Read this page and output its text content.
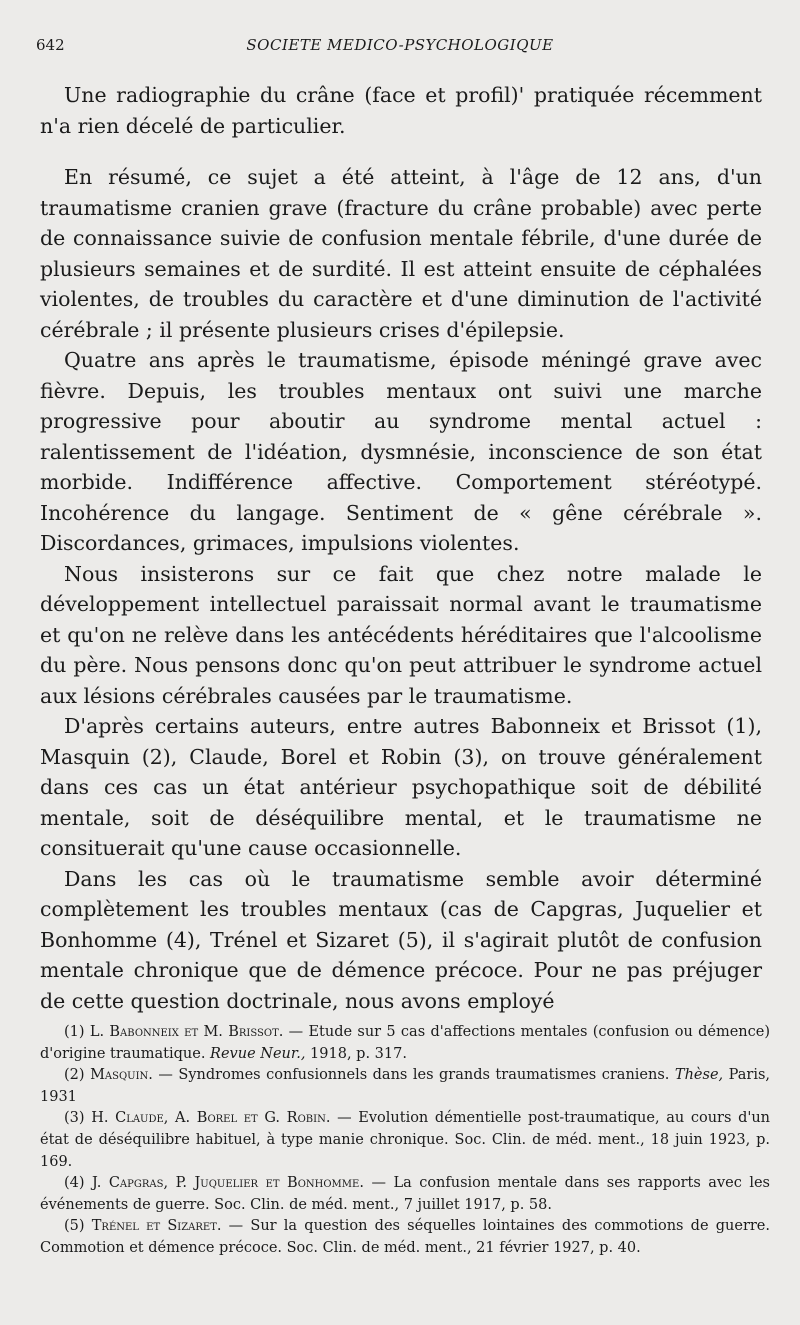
642	SOCIETE MEDICO-PSYCHOLOGIQUE

Une radiographie du crâne (face et profil)' pratiquée récemment n'a rien décelé de particulier.

En résumé, ce sujet a été atteint, à l'âge de 12 ans, d'un traumatisme cranien grave (fracture du crâne probable) avec perte de connaissance suivie de confusion mentale fébrile, d'une durée de plusieurs semaines et de surdité. Il est atteint ensuite de céphalées violentes, de troubles du caractère et d'une diminution de l'activité cérébrale ; il présente plusieurs crises d'épilepsie.

Quatre ans après le traumatisme, épisode méningé grave avec fièvre. Depuis, les troubles mentaux ont suivi une marche progressive pour aboutir au syndrome mental actuel : ralentissement de l'idéation, dysmnésie, inconscience de son état morbide. Indifférence affective. Comportement stéréotypé. Incohérence du langage. Sentiment de « gêne cérébrale ». Discordances, grimaces, impulsions violentes.

Nous insisterons sur ce fait que chez notre malade le développement intellectuel paraissait normal avant le traumatisme et qu'on ne relève dans les antécédents héréditaires que l'alcoolisme du père. Nous pensons donc qu'on peut attribuer le syndrome actuel aux lésions cérébrales causées par le traumatisme.

D'après certains auteurs, entre autres Babonneix et Brissot (1), Masquin (2), Claude, Borel et Robin (3), on trouve généralement dans ces cas un état antérieur psychopathique soit de débilité mentale, soit de déséquilibre mental, et le traumatisme ne consituerait qu'une cause occasionnelle.

Dans les cas où le traumatisme semble avoir déterminé complètement les troubles mentaux (cas de Capgras, Juquelier et Bonhomme (4), Trénel et Sizaret (5), il s'agirait plutôt de confusion mentale chronique que de démence précoce. Pour ne pas préjuger de cette question doctrinale, nous avons employé

(1) L. Babonneix et M. Brissot. — Etude sur 5 cas d'affections mentales (confusion ou démence) d'origine traumatique. Revue Neur., 1918, p. 317.

(2) Masquin. — Syndromes confusionnels dans les grands traumatismes craniens. Thèse, Paris, 1931

(3) H. Claude, A. Borel et G. Robin. — Evolution démentielle post-traumatique, au cours d'un état de déséquilibre habituel, à type manie chronique. Soc. Clin. de méd. ment., 18 juin 1923, p. 169.

(4) J. Capgras, P. Juquelier et Bonhomme. — La confusion mentale dans ses rapports avec les événements de guerre. Soc. Clin. de méd. ment., 7 juillet 1917, p. 58.

(5) Trénel et Sizaret. — Sur la question des séquelles lointaines des commotions de guerre. Commotion et démence précoce. Soc. Clin. de méd. ment., 21 février 1927, p. 40.
